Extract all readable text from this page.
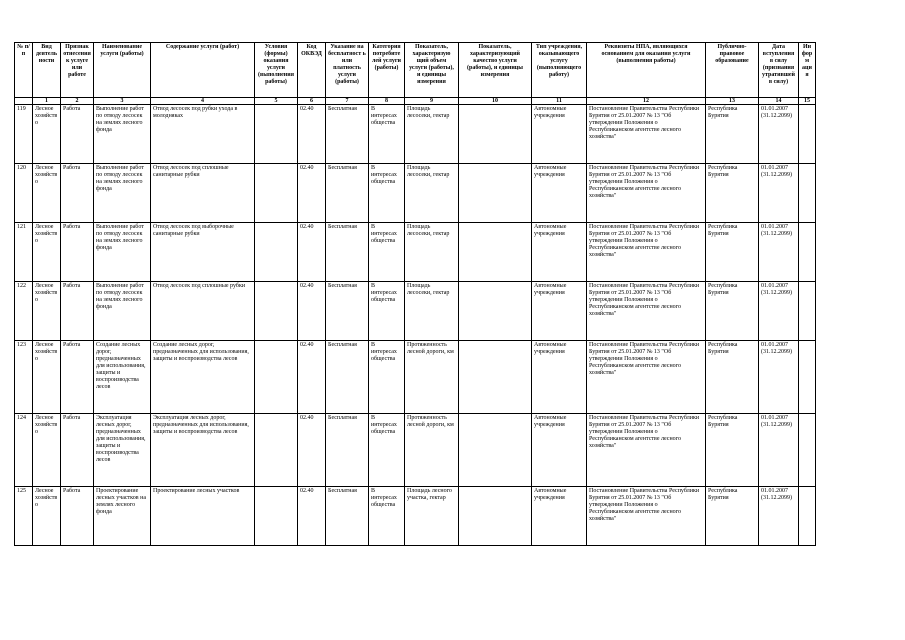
№ п/п	Вид деятель ности	Признак отнесения к услуге или работе	Наименование услуги (работы)	Содержание услуги (работ)	Условия (формы) оказания услуги (выполнения работы)	Код ОКВЭД	Указание на бесплатност ь или платность услуги (работы)	Категория потребите лей услуги (работы)	Показатель, характеризую щий объем услуги (работы), и единицы измерения	Показатель, характеризующий качество услуги (работы), и единицы измерения	Тип учреждения, оказывающего услугу (выполняющего работу)	Реквизиты НПА, являющихся основанием для оказания услуги (выполнения работы)	Публично-правовое образование	Дата вступления в силу (признания утратившей в силу)	Информ ация
	1	2	3	4	5	6	7	8	9	10	11	12	13	14	15
119	Лесное хозяйство	Работа	Выполнение работ по отводу лесосек на землях лесного фонда	Отвод лесосек под рубки ухода в молодняках		02.40	Бесплатная	В интересах общества	Площадь лесосеки, гектар		Автономные учреждения	Постановление Правительства Республики Бурятия от 25.01.2007 № 13 "Об утверждении Положения о Республиканском агентстве лесного хозяйства"	Республика Бурятия	01.01.2007 (31.12.2099)	
120	Лесное хозяйство	Работа	Выполнение работ по отводу лесосек на землях лесного фонда	Отвод лесосек под сплошные санитарные рубки		02.40	Бесплатная	В интересах общества	Площадь лесосеки, гектар		Автономные учреждения	Постановление Правительства Республики Бурятия от 25.01.2007 № 13 "Об утверждении Положения о Республиканском агентстве лесного хозяйства"	Республика Бурятия	01.01.2007 (31.12.2099)	
121	Лесное хозяйство	Работа	Выполнение работ по отводу лесосек на землях лесного фонда	Отвод лесосек под выборочные санитарные рубки		02.40	Бесплатная	В интересах общества	Площадь лесосеки, гектар		Автономные учреждения	Постановление Правительства Республики Бурятия от 25.01.2007 № 13 "Об утверждении Положения о Республиканском агентстве лесного хозяйства"	Республика Бурятия	01.01.2007 (31.12.2099)	
122	Лесное хозяйство	Работа	Выполнение работ по отводу лесосек на землях лесного фонда	Отвод лесосек под сплошные рубки		02.40	Бесплатная	В интересах общества	Площадь лесосеки, гектар		Автономные учреждения	Постановление Правительства Республики Бурятия от 25.01.2007 № 13 "Об утверждении Положения о Республиканском агентстве лесного хозяйства"	Республика Бурятия	01.01.2007 (31.12.2099)	
123	Лесное хозяйство	Работа	Создание лесных дорог, предназначенных для использования, защиты и воспроизводства лесов	Создание лесных дорог, предназначенных для использования, защиты и воспроизводства лесов		02.40	Бесплатная	В интересах общества	Протяженность лесной дороги, км		Автономные учреждения	Постановление Правительства Республики Бурятия от 25.01.2007 № 13 "Об утверждении Положения о Республиканском агентстве лесного хозяйства"	Республика Бурятия	01.01.2007 (31.12.2099)	
124	Лесное хозяйство	Работа	Эксплуатация лесных дорог, предназначенных для использования, защиты и воспроизводства лесов	Эксплуатация лесных дорог, предназначенных для использования, защиты и воспроизводства лесов		02.40	Бесплатная	В интересах общества	Протяженность лесной дороги, км		Автономные учреждения	Постановление Правительства Республики Бурятия от 25.01.2007 № 13 "Об утверждении Положения о Республиканском агентстве лесного хозяйства"	Республика Бурятия	01.01.2007 (31.12.2099)	
125	Лесное хозяйство	Работа	Проектирование лесных участков на землях лесного фонда	Проектирование лесных участков		02.40	Бесплатная	В интересах общества	Площадь лесного участка, гектар		Автономные учреждения	Постановление Правительства Республики Бурятия от 25.01.2007 № 13 "Об утверждении Положения о Республиканском агентстве лесного хозяйства"	Республика Бурятия	01.01.2007 (31.12.2099)	
